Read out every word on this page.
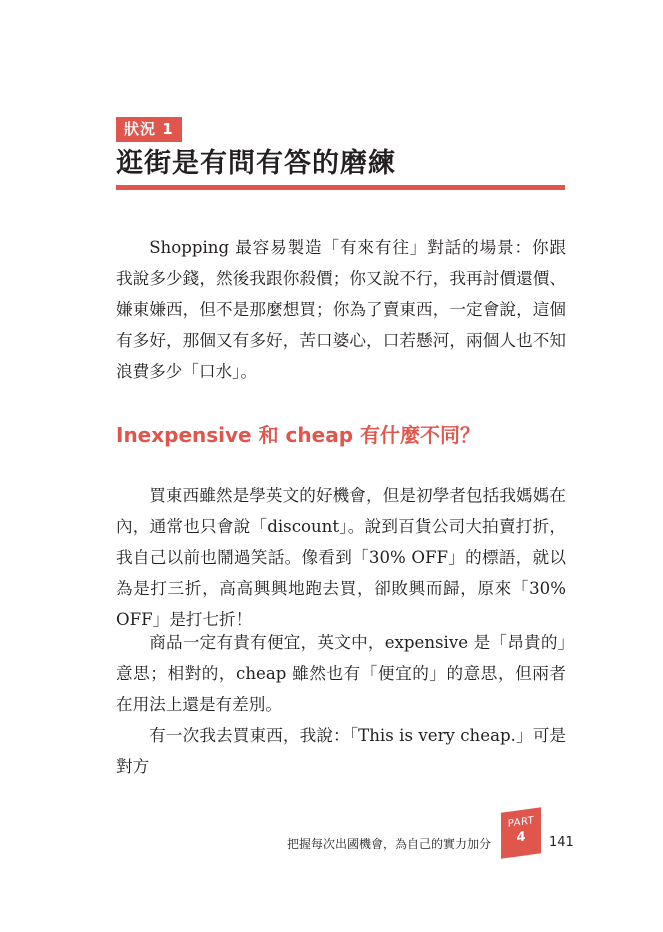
狀況 1
逛街是有問有答的磨練

Shopping 最容易製造「有來有往」對話的場景：你跟我說多少錢，然後我跟你殺價；你又說不行，我再討價還價、嫌東嫌西，但不是那麼想買；你為了賣東西，一定會說，這個有多好，那個又有多好，苦口婆心，口若懸河，兩個人也不知浪費多少「口水」。

Inexpensive 和 cheap 有什麼不同？

買東西雖然是學英文的好機會，但是初學者包括我媽媽在內，通常也只會說「discount」。說到百貨公司大拍賣打折，我自己以前也鬧過笑話。像看到「30% OFF」的標語，就以為是打三折，高高興興地跑去買，卻敗興而歸，原來「30% OFF」是打七折！

商品一定有貴有便宜，英文中，expensive 是「昂貴的」意思；相對的，cheap 雖然也有「便宜的」的意思，但兩者在用法上還是有差別。

有一次我去買東西，我說：「This is very cheap.」可是對方

把握每次出國機會，為自己的實力加分
PART
4	141
